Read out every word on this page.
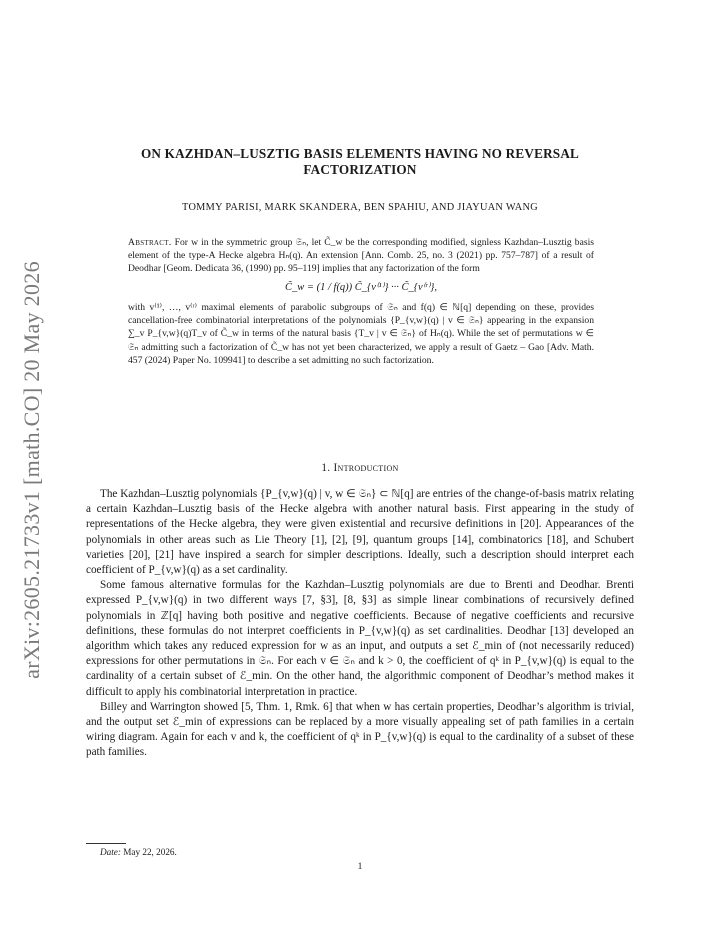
arXiv:2605.21733v1 [math.CO] 20 May 2026
ON KAZHDAN–LUSZTIG BASIS ELEMENTS HAVING NO REVERSAL
FACTORIZATION
TOMMY PARISI, MARK SKANDERA, BEN SPAHIU, AND JIAYUAN WANG

Abstract. For w in the symmetric group 𝔖ₙ, let C̃_w be the corresponding modified, signless Kazhdan–Lusztig basis element of the type-A Hecke algebra Hₙ(q). An extension [Ann. Comb. 25, no. 3 (2021) pp. 757–787] of a result of Deodhar [Geom. Dedicata 36, (1990) pp. 95–119] implies that any factorization of the form

C̃_w = (1 / f(q)) C̃_{v⁽¹⁾} ··· C̃_{v⁽ʳ⁾},

with v⁽¹⁾, …, v⁽ʳ⁾ maximal elements of parabolic subgroups of 𝔖ₙ and f(q) ∈ ℕ[q] depending on these, provides cancellation-free combinatorial interpretations of the polynomials {P_{v,w}(q) | v ∈ 𝔖ₙ} appearing in the expansion ∑_v P_{v,w}(q)T_v of C̃_w in terms of the natural basis {T_v | v ∈ 𝔖ₙ} of Hₙ(q). While the set of permutations w ∈ 𝔖ₙ admitting such a factorization of C̃_w has not yet been characterized, we apply a result of Gaetz – Gao [Adv. Math. 457 (2024) Paper No. 109941] to describe a set admitting no such factorization.

1. Introduction

The Kazhdan–Lusztig polynomials {P_{v,w}(q) | v, w ∈ 𝔖ₙ} ⊂ ℕ[q] are entries of the change-of-basis matrix relating a certain Kazhdan–Lusztig basis of the Hecke algebra with another natural basis. First appearing in the study of representations of the Hecke algebra, they were given existential and recursive definitions in [20]. Appearances of the polynomials in other areas such as Lie Theory [1], [2], [9], quantum groups [14], combinatorics [18], and Schubert varieties [20], [21] have inspired a search for simpler descriptions. Ideally, such a description should interpret each coefficient of P_{v,w}(q) as a set cardinality.

Some famous alternative formulas for the Kazhdan–Lusztig polynomials are due to Brenti and Deodhar. Brenti expressed P_{v,w}(q) in two different ways [7, §3], [8, §3] as simple linear combinations of recursively defined polynomials in ℤ[q] having both positive and negative coefficients. Because of negative coefficients and recursive definitions, these formulas do not interpret coefficients in P_{v,w}(q) as set cardinalities. Deodhar [13] developed an algorithm which takes any reduced expression for w as an input, and outputs a set ℰ_min of (not necessarily reduced) expressions for other permutations in 𝔖ₙ. For each v ∈ 𝔖ₙ and k > 0, the coefficient of qᵏ in P_{v,w}(q) is equal to the cardinality of a certain subset of ℰ_min. On the other hand, the algorithmic component of Deodhar’s method makes it difficult to apply his combinatorial interpretation in practice.

Billey and Warrington showed [5, Thm. 1, Rmk. 6] that when w has certain properties, Deodhar’s algorithm is trivial, and the output set ℰ_min of expressions can be replaced by a more visually appealing set of path families in a certain wiring diagram. Again for each v and k, the coefficient of qᵏ in P_{v,w}(q) is equal to the cardinality of a subset of these path families.

Date: May 22, 2026.
1
